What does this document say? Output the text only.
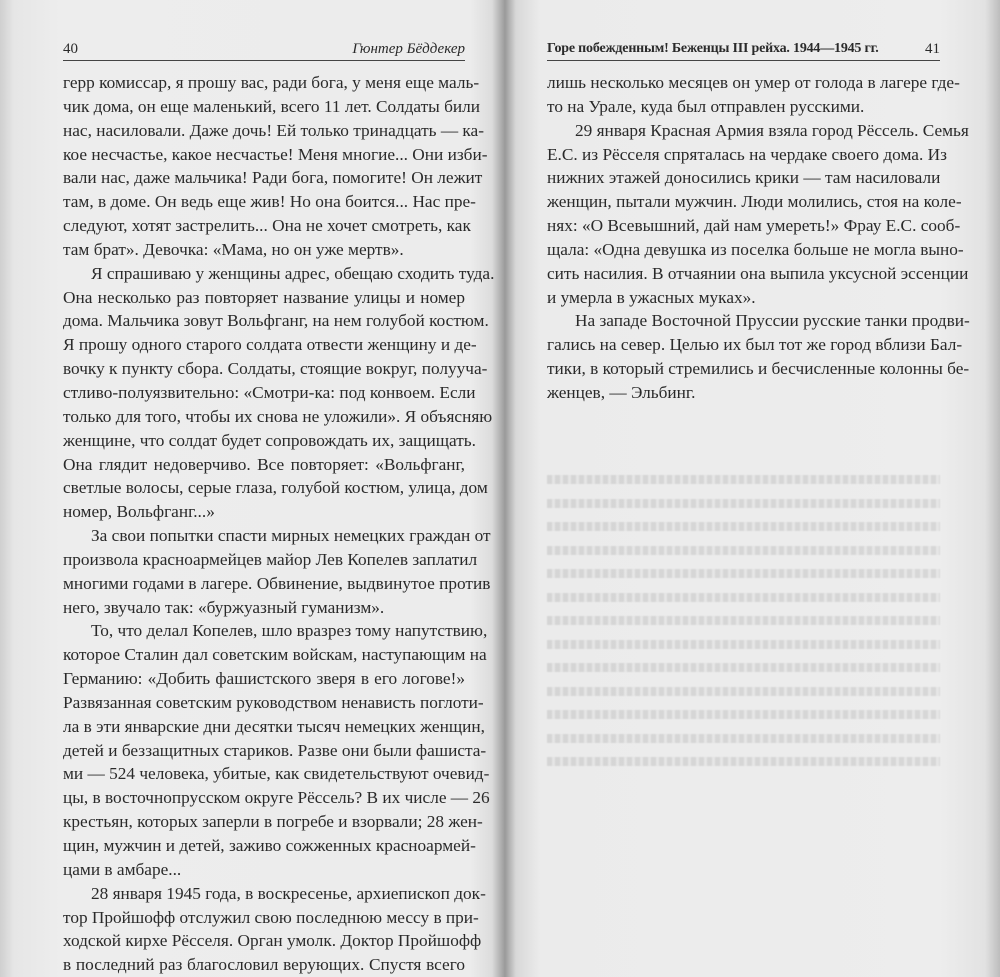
40	Гюнтер Бёддекер
герр комиссар, я прошу вас, ради бога, у меня еще маль-
чик дома, он еще маленький, всего 11 лет. Солдаты били
нас, насиловали. Даже дочь! Ей только тринадцать — ка-
кое несчастье, какое несчастье! Меня многие... Они изби-
вали нас, даже мальчика! Ради бога, помогите! Он лежит
там, в доме. Он ведь еще жив! Но она боится... Нас пре-
следуют, хотят застрелить... Она не хочет смотреть, как
там брат». Девочка: «Мама, но он уже мертв».
Я спрашиваю у женщины адрес, обещаю сходить туда.
Она несколько раз повторяет название улицы и номер
дома. Мальчика зовут Вольфганг, на нем голубой костюм.
Я прошу одного старого солдата отвести женщину и де-
вочку к пункту сбора. Солдаты, стоящие вокруг, полууча-
стливо-полуязвительно: «Смотри-ка: под конвоем. Если
только для того, чтобы их снова не уложили». Я объясняю
женщине, что солдат будет сопровождать их, защищать.
Она глядит недоверчиво. Все повторяет: «Вольфганг,
светлые волосы, серые глаза, голубой костюм, улица, дом
номер, Вольфганг...»
За свои попытки спасти мирных немецких граждан от
произвола красноармейцев майор Лев Копелев заплатил
многими годами в лагере. Обвинение, выдвинутое против
него, звучало так: «буржуазный гуманизм».
То, что делал Копелев, шло вразрез тому напутствию,
которое Сталин дал советским войскам, наступающим на
Германию: «Добить фашистского зверя в его логове!»
Развязанная советским руководством ненависть поглоти-
ла в эти январские дни десятки тысяч немецких женщин,
детей и беззащитных стариков. Разве они были фашиста-
ми — 524 человека, убитые, как свидетельствуют очевид-
цы, в восточнопрусском округе Рёссель? В их числе — 26
крестьян, которых заперли в погребе и взорвали; 28 жен-
щин, мужчин и детей, заживо сожженных красноармей-
цами в амбаре...
28 января 1945 года, в воскресенье, архиепископ док-
тор Пройшофф отслужил свою последнюю мессу в при-
ходской кирхе Рёсселя. Орган умолк. Доктор Пройшофф
в последний раз благословил верующих. Спустя всего
Горе побежденным! Беженцы III рейха. 1944—1945 гг.	41
лишь несколько месяцев он умер от голода в лагере где-
то на Урале, куда был отправлен русскими.
29 января Красная Армия взяла город Рёссель. Семья
Е.С. из Рёсселя спряталась на чердаке своего дома. Из
нижних этажей доносились крики — там насиловали
женщин, пытали мужчин. Люди молились, стоя на коле-
нях: «О Всевышний, дай нам умереть!» Фрау Е.С. сооб-
щала: «Одна девушка из поселка больше не могла выно-
сить насилия. В отчаянии она выпила уксусной эссенции
и умерла в ужасных муках».
На западе Восточной Пруссии русские танки продви-
гались на север. Целью их был тот же город вблизи Бал-
тики, в который стремились и бесчисленные колонны бе-
женцев, — Эльбинг.
